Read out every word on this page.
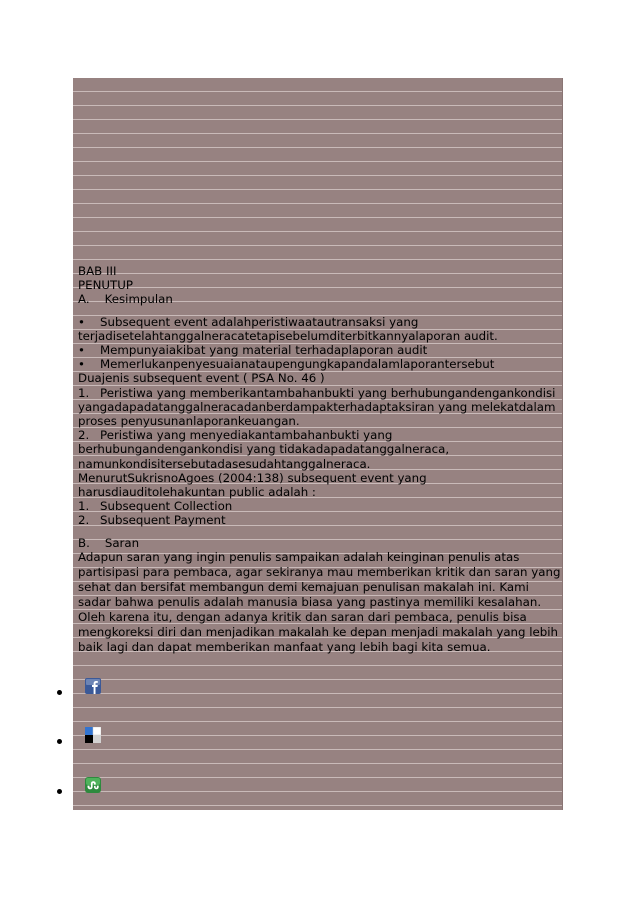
BAB III

PENUTUP

A.    Kesimpulan

• Subsequent event adalahperistiwaatautransaksi yang terjadisetelahtanggalneracatetapisebelumditerbitkannyalaporan audit.

• Mempunyaiakibat yang material terhadaplaporan audit

• Memerlukanpenyesuaianataupengungkapandalamlaporantersebut

Duajenis subsequent event ( PSA No. 46 )

1. Peristiwa yang memberikantambahanbukti yang berhubungandengankondisiyangadapadatanggalneracadanberdampakterhadaptaksiran yang melekatdalam proses penyusunanlaporankeuangan.

2. Peristiwa yang menyediakantambahanbukti yang berhubungandengankondisi yang tidakadapadatanggalneraca, namunkondisitersebutadasesudahtanggalneraca.

MenurutSukrisnoAgoes (2004:138) subsequent event yang harusdiauditolehakuntan public adalah :

1. Subsequent Collection

2. Subsequent Payment

B.    Saran

Adapun saran yang ingin penulis sampaikan adalah keinginan penulis atas partisipasi para pembaca, agar sekiranya mau memberikan kritik dan saran yang sehat dan bersifat membangun demi kemajuan penulisan makalah ini. Kami sadar bahwa penulis adalah manusia biasa yang pastinya memiliki kesalahan. Oleh karena itu, dengan adanya kritik dan saran dari pembaca, penulis bisa mengkoreksi diri dan menjadikan makalah ke depan menjadi makalah yang lebih baik lagi dan dapat memberikan manfaat yang lebih bagi kita semua.
